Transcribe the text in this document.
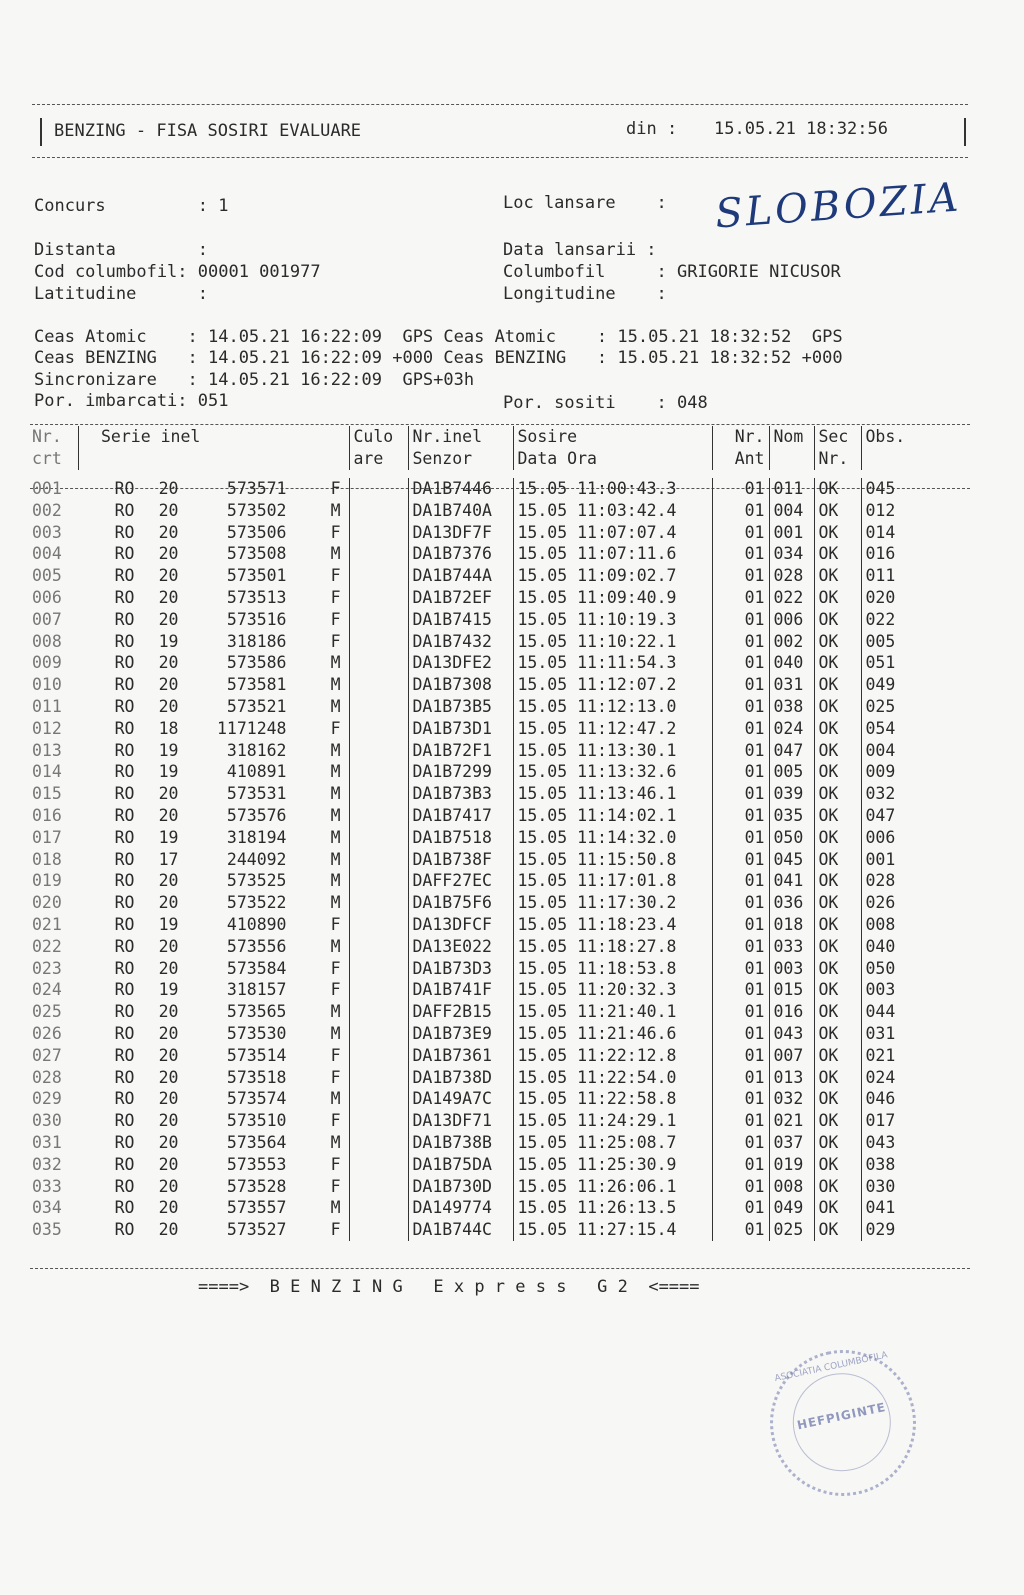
BENZING - FISA SOSIRI EVALUARE	din : 15.05.21 18:32:56
Concurs         : 1	Loc lansare    : SLOBOZIA
Distanta        :	Data lansarii :
Cod columbofil: 00001 001977	Columbofil     : GRIGORIE NICUSOR
Latitudine      :	Longitudine    :
Ceas Atomic    : 14.05.21 16:22:09  GPS Ceas Atomic    : 15.05.21 18:32:52  GPS
Ceas BENZING   : 14.05.21 16:22:09 +000 Ceas BENZING   : 15.05.21 18:32:52 +000
Sincronizare   : 14.05.21 16:22:09  GPS+03h
Por. imbarcati: 051	Por. sositi    : 048
Nr.	Serie inel				Culo	Nr.inel	Sosire	Nr.	Nom	Sec	Obs.
crt					are	Senzor	Data Ora	Ant		Nr.	

001	RO	20	573571	F		DA1B7446	15.05 11:00:43.3	01	011	OK	045
002	RO	20	573502	M		DA1B740A	15.05 11:03:42.4	01	004	OK	012
003	RO	20	573506	F		DA13DF7F	15.05 11:07:07.4	01	001	OK	014
004	RO	20	573508	M		DA1B7376	15.05 11:07:11.6	01	034	OK	016
005	RO	20	573501	F		DA1B744A	15.05 11:09:02.7	01	028	OK	011
006	RO	20	573513	F		DA1B72EF	15.05 11:09:40.9	01	022	OK	020
007	RO	20	573516	F		DA1B7415	15.05 11:10:19.3	01	006	OK	022
008	RO	19	318186	F		DA1B7432	15.05 11:10:22.1	01	002	OK	005
009	RO	20	573586	M		DA13DFE2	15.05 11:11:54.3	01	040	OK	051
010	RO	20	573581	M		DA1B7308	15.05 11:12:07.2	01	031	OK	049
011	RO	20	573521	M		DA1B73B5	15.05 11:12:13.0	01	038	OK	025
012	RO	18	1171248	F		DA1B73D1	15.05 11:12:47.2	01	024	OK	054
013	RO	19	318162	M		DA1B72F1	15.05 11:13:30.1	01	047	OK	004
014	RO	19	410891	M		DA1B7299	15.05 11:13:32.6	01	005	OK	009
015	RO	20	573531	M		DA1B73B3	15.05 11:13:46.1	01	039	OK	032
016	RO	20	573576	M		DA1B7417	15.05 11:14:02.1	01	035	OK	047
017	RO	19	318194	M		DA1B7518	15.05 11:14:32.0	01	050	OK	006
018	RO	17	244092	M		DA1B738F	15.05 11:15:50.8	01	045	OK	001
019	RO	20	573525	M		DAFF27EC	15.05 11:17:01.8	01	041	OK	028
020	RO	20	573522	M		DA1B75F6	15.05 11:17:30.2	01	036	OK	026
021	RO	19	410890	F		DA13DFCF	15.05 11:18:23.4	01	018	OK	008
022	RO	20	573556	M		DA13E022	15.05 11:18:27.8	01	033	OK	040
023	RO	20	573584	F		DA1B73D3	15.05 11:18:53.8	01	003	OK	050
024	RO	19	318157	F		DA1B741F	15.05 11:20:32.3	01	015	OK	003
025	RO	20	573565	M		DAFF2B15	15.05 11:21:40.1	01	016	OK	044
026	RO	20	573530	M		DA1B73E9	15.05 11:21:46.6	01	043	OK	031
027	RO	20	573514	F		DA1B7361	15.05 11:22:12.8	01	007	OK	021
028	RO	20	573518	F		DA1B738D	15.05 11:22:54.0	01	013	OK	024
029	RO	20	573574	M		DA149A7C	15.05 11:22:58.8	01	032	OK	046
030	RO	20	573510	F		DA13DF71	15.05 11:24:29.1	01	021	OK	017
031	RO	20	573564	M		DA1B738B	15.05 11:25:08.7	01	037	OK	043
032	RO	20	573553	F		DA1B75DA	15.05 11:25:30.9	01	019	OK	038
033	RO	20	573528	F		DA1B730D	15.05 11:26:06.1	01	008	OK	030
034	RO	20	573557	M		DA149774	15.05 11:26:13.5	01	049	OK	041
035	RO	20	573527	F		DA1B744C	15.05 11:27:15.4	01	025	OK	029
====>  B E N Z I N G   E x p r e s s   G 2  <====
ASOCIATIA COLUMBOFILA
HEFPIGINTE
